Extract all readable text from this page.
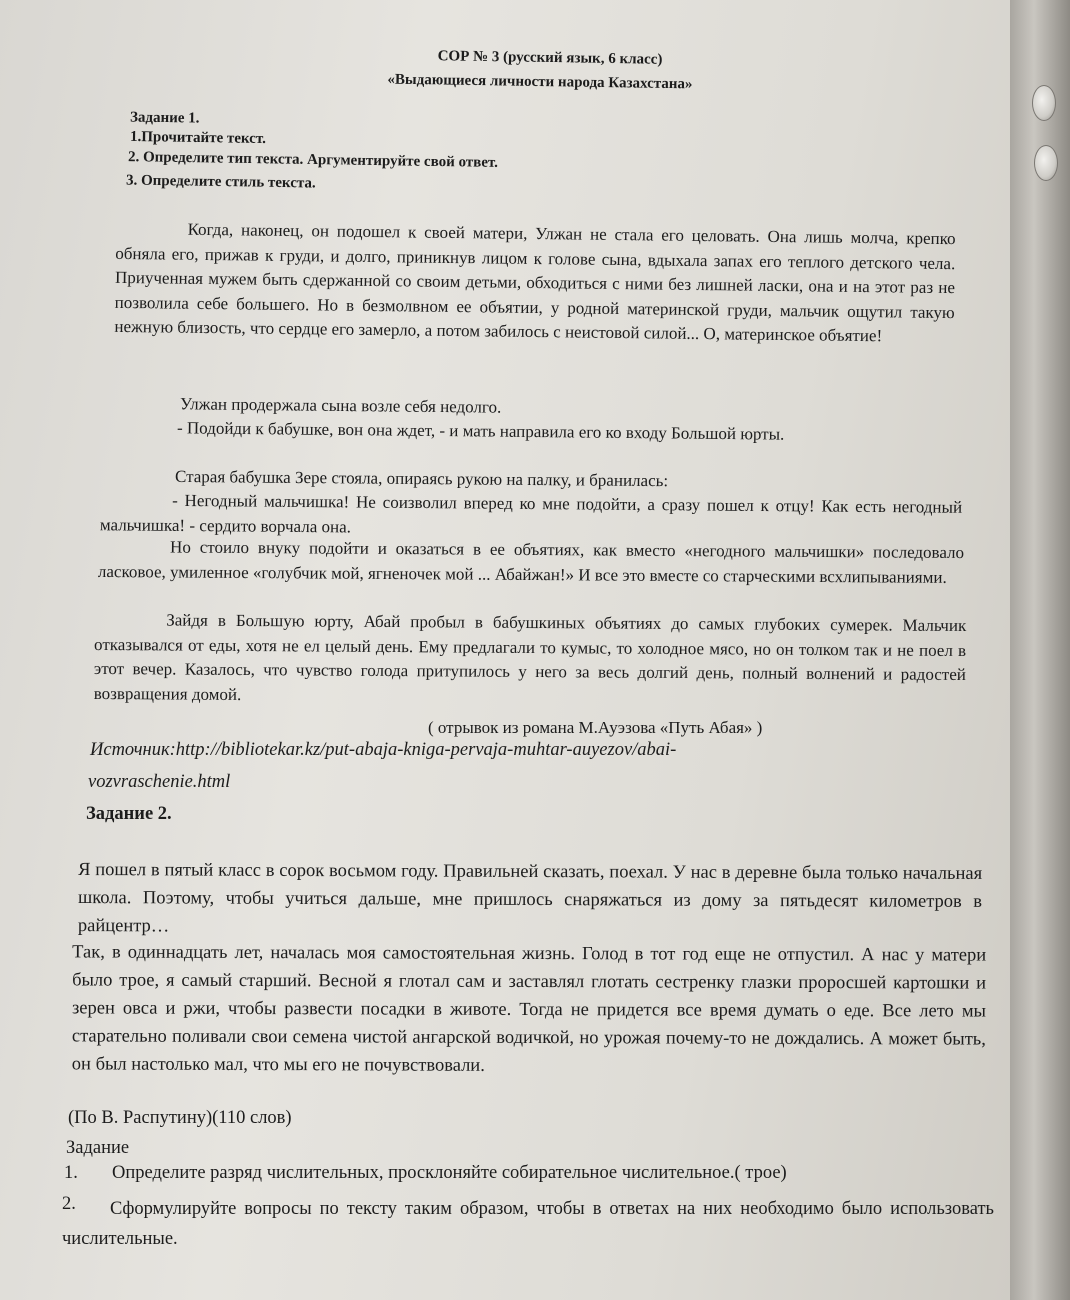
СОР № 3 (русский язык, 6 класс)
«Выдающиеся личности народа Казахстана»
Задание 1.
1.Прочитайте текст.
2. Определите тип текста. Аргументируйте свой ответ.
3. Определите стиль текста.
Когда, наконец, он подошел к своей матери, Улжан не стала его целовать. Она лишь молча, крепко обняла его, прижав к груди, и долго, приникнув лицом к голове сына, вдыхала запах его теплого детского чела. Приученная мужем быть сдержанной со своим детьми, обходиться с ними без лишней ласки, она и на этот раз не позволила себе большего. Но в безмолвном ее объятии, у родной материнской груди, мальчик ощутил такую нежную близость, что сердце его замерло, а потом забилось с неистовой силой... О, материнское объятие!
Улжан продержала сына возле себя недолго.
- Подойди к бабушке, вон она ждет, - и мать направила его ко входу Большой юрты.
Старая бабушка Зере стояла, опираясь рукою на палку, и бранилась:
- Негодный мальчишка! Не соизволил вперед ко мне подойти, а сразу пошел к отцу! Как есть негодный мальчишка! - сердито ворчала она.
Но стоило внуку подойти и оказаться в ее объятиях, как вместо «негодного мальчишки» последовало ласковое, умиленное «голубчик мой, ягненочек мой ... Абайжан!» И все это вместе со старческими всхлипываниями.
Зайдя в Большую юрту, Абай пробыл в бабушкиных объятиях до самых глубоких сумерек. Мальчик отказывался от еды, хотя не ел целый день. Ему предлагали то кумыс, то холодное мясо, но он толком так и не поел в этот вечер. Казалось, что чувство голода притупилось у него за весь долгий день, полный волнений и радостей возвращения домой.
( отрывок из романа М.Ауэзова «Путь Абая» )
Источник:http://bibliotekar.kz/put-abaja-kniga-pervaja-muhtar-auyezov/abai-
vozvraschenie.html
Задание 2.
Я пошел в пятый класс в сорок восьмом году. Правильней сказать, поехал. У нас в деревне была только начальная школа. Поэтому, чтобы учиться дальше, мне пришлось снаряжаться из дому за пятьдесят километров в райцентр…
Так, в одиннадцать лет, началась моя самостоятельная жизнь. Голод в тот год еще не отпустил. А нас у матери было трое, я самый старший. Весной я глотал сам и заставлял глотать сестренку глазки проросшей картошки и зерен овса и ржи, чтобы развести посадки в животе. Тогда не придется все время думать о еде. Все лето мы старательно поливали свои семена чистой ангарской водичкой, но урожая почему-то не дождались. А может быть, он был настолько мал, что мы его не почувствовали.
(По В. Распутину)(110 слов)
Задание
1. Определите разряд числительных, просклоняйте собирательное числительное.( трое)
2.	Сформулируйте вопросы по тексту таким образом, чтобы в ответах на них необходимо было использовать числительные.
